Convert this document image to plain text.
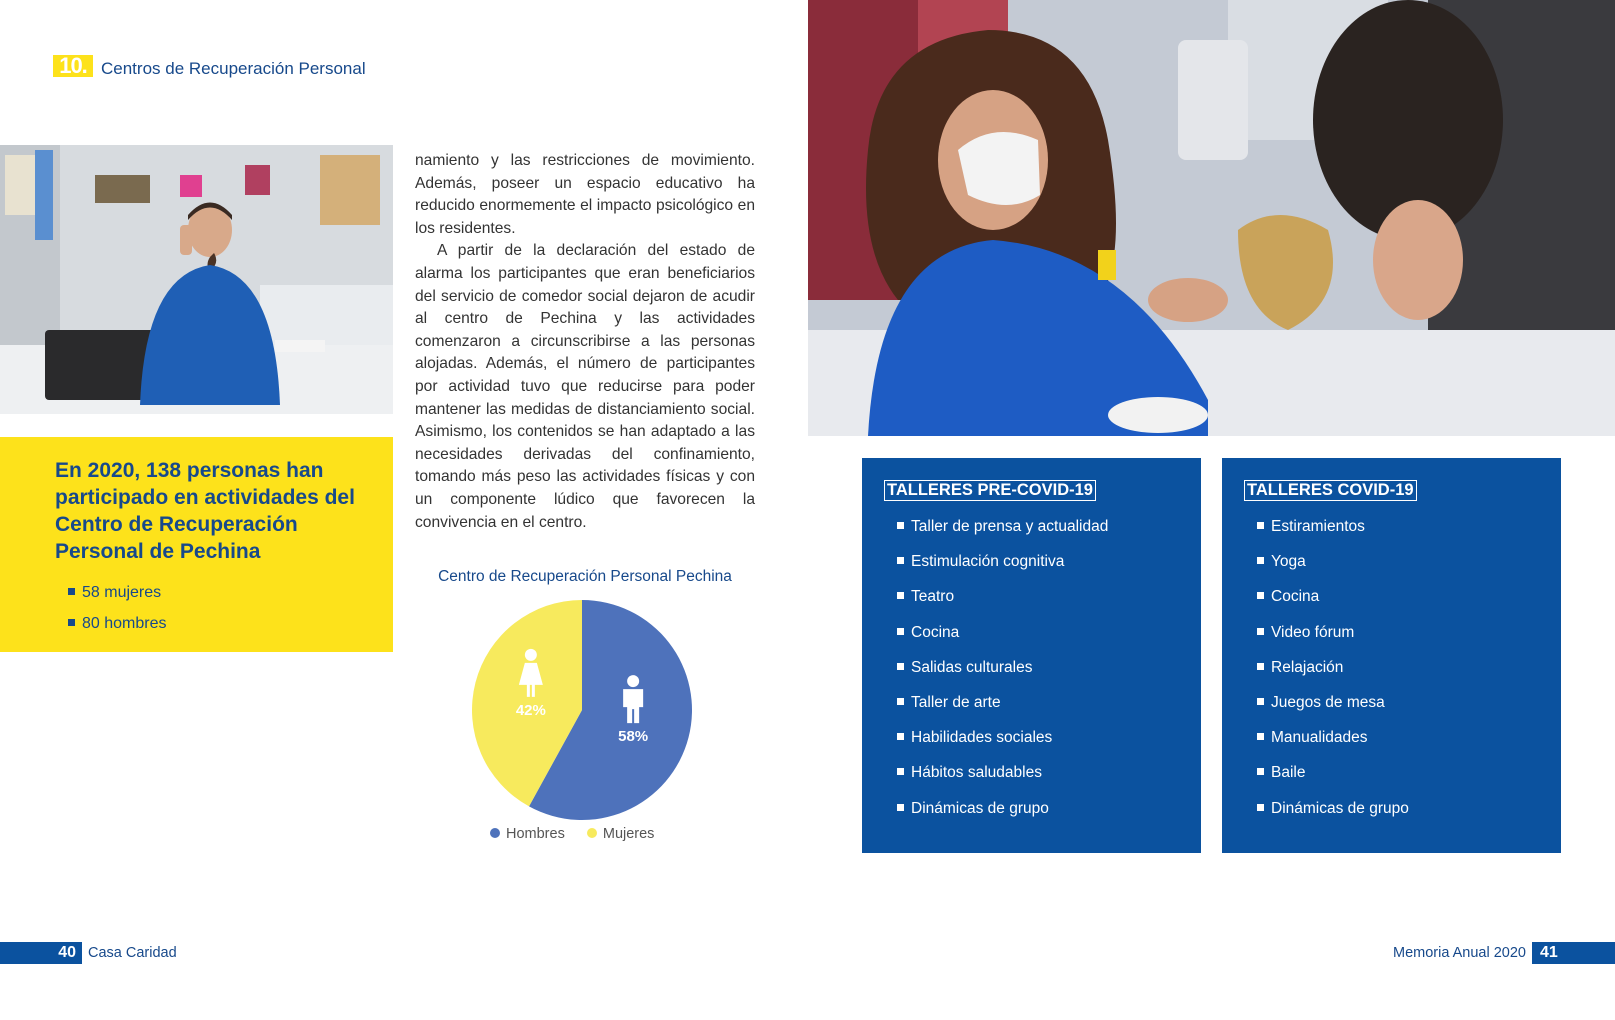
10. Centros de Recuperación Personal
En 2020, 138 personas han participado en actividades del Centro de Recuperación Personal de Pechina
58 mujeres
80 hombres

namiento y las restricciones de movimiento. Además, poseer un espacio educativo ha reducido enormemente el impacto psicológico en los residentes.

A partir de la declaración del estado de alarma los participantes que eran beneficiarios del servicio de comedor social dejaron de acudir al centro de Pechina y las actividades comenzaron a circunscribirse a las personas alojadas. Además, el número de participantes por actividad tuvo que reducirse para poder mantener las medidas de distanciamiento social. Asimismo, los contenidos se han adaptado a las necesidades derivadas del confinamiento, tomando más peso las actividades físicas y con un componente lúdico que favorecen la convivencia en el centro.

Centro de Recuperación Personal Pechina
58%
42%
Hombres	Mujeres
TALLERES PRE-COVID-19
Taller de prensa y actualidad
Estimulación cognitiva
Teatro
Cocina
Salidas culturales
Taller de arte
Habilidades sociales
Hábitos saludables
Dinámicas de grupo
TALLERES COVID-19
Estiramientos
Yoga
Cocina
Video fórum
Relajación
Juegos de mesa
Manualidades
Baile
Dinámicas de grupo
40 Casa Caridad	Memoria Anual 2020 41
